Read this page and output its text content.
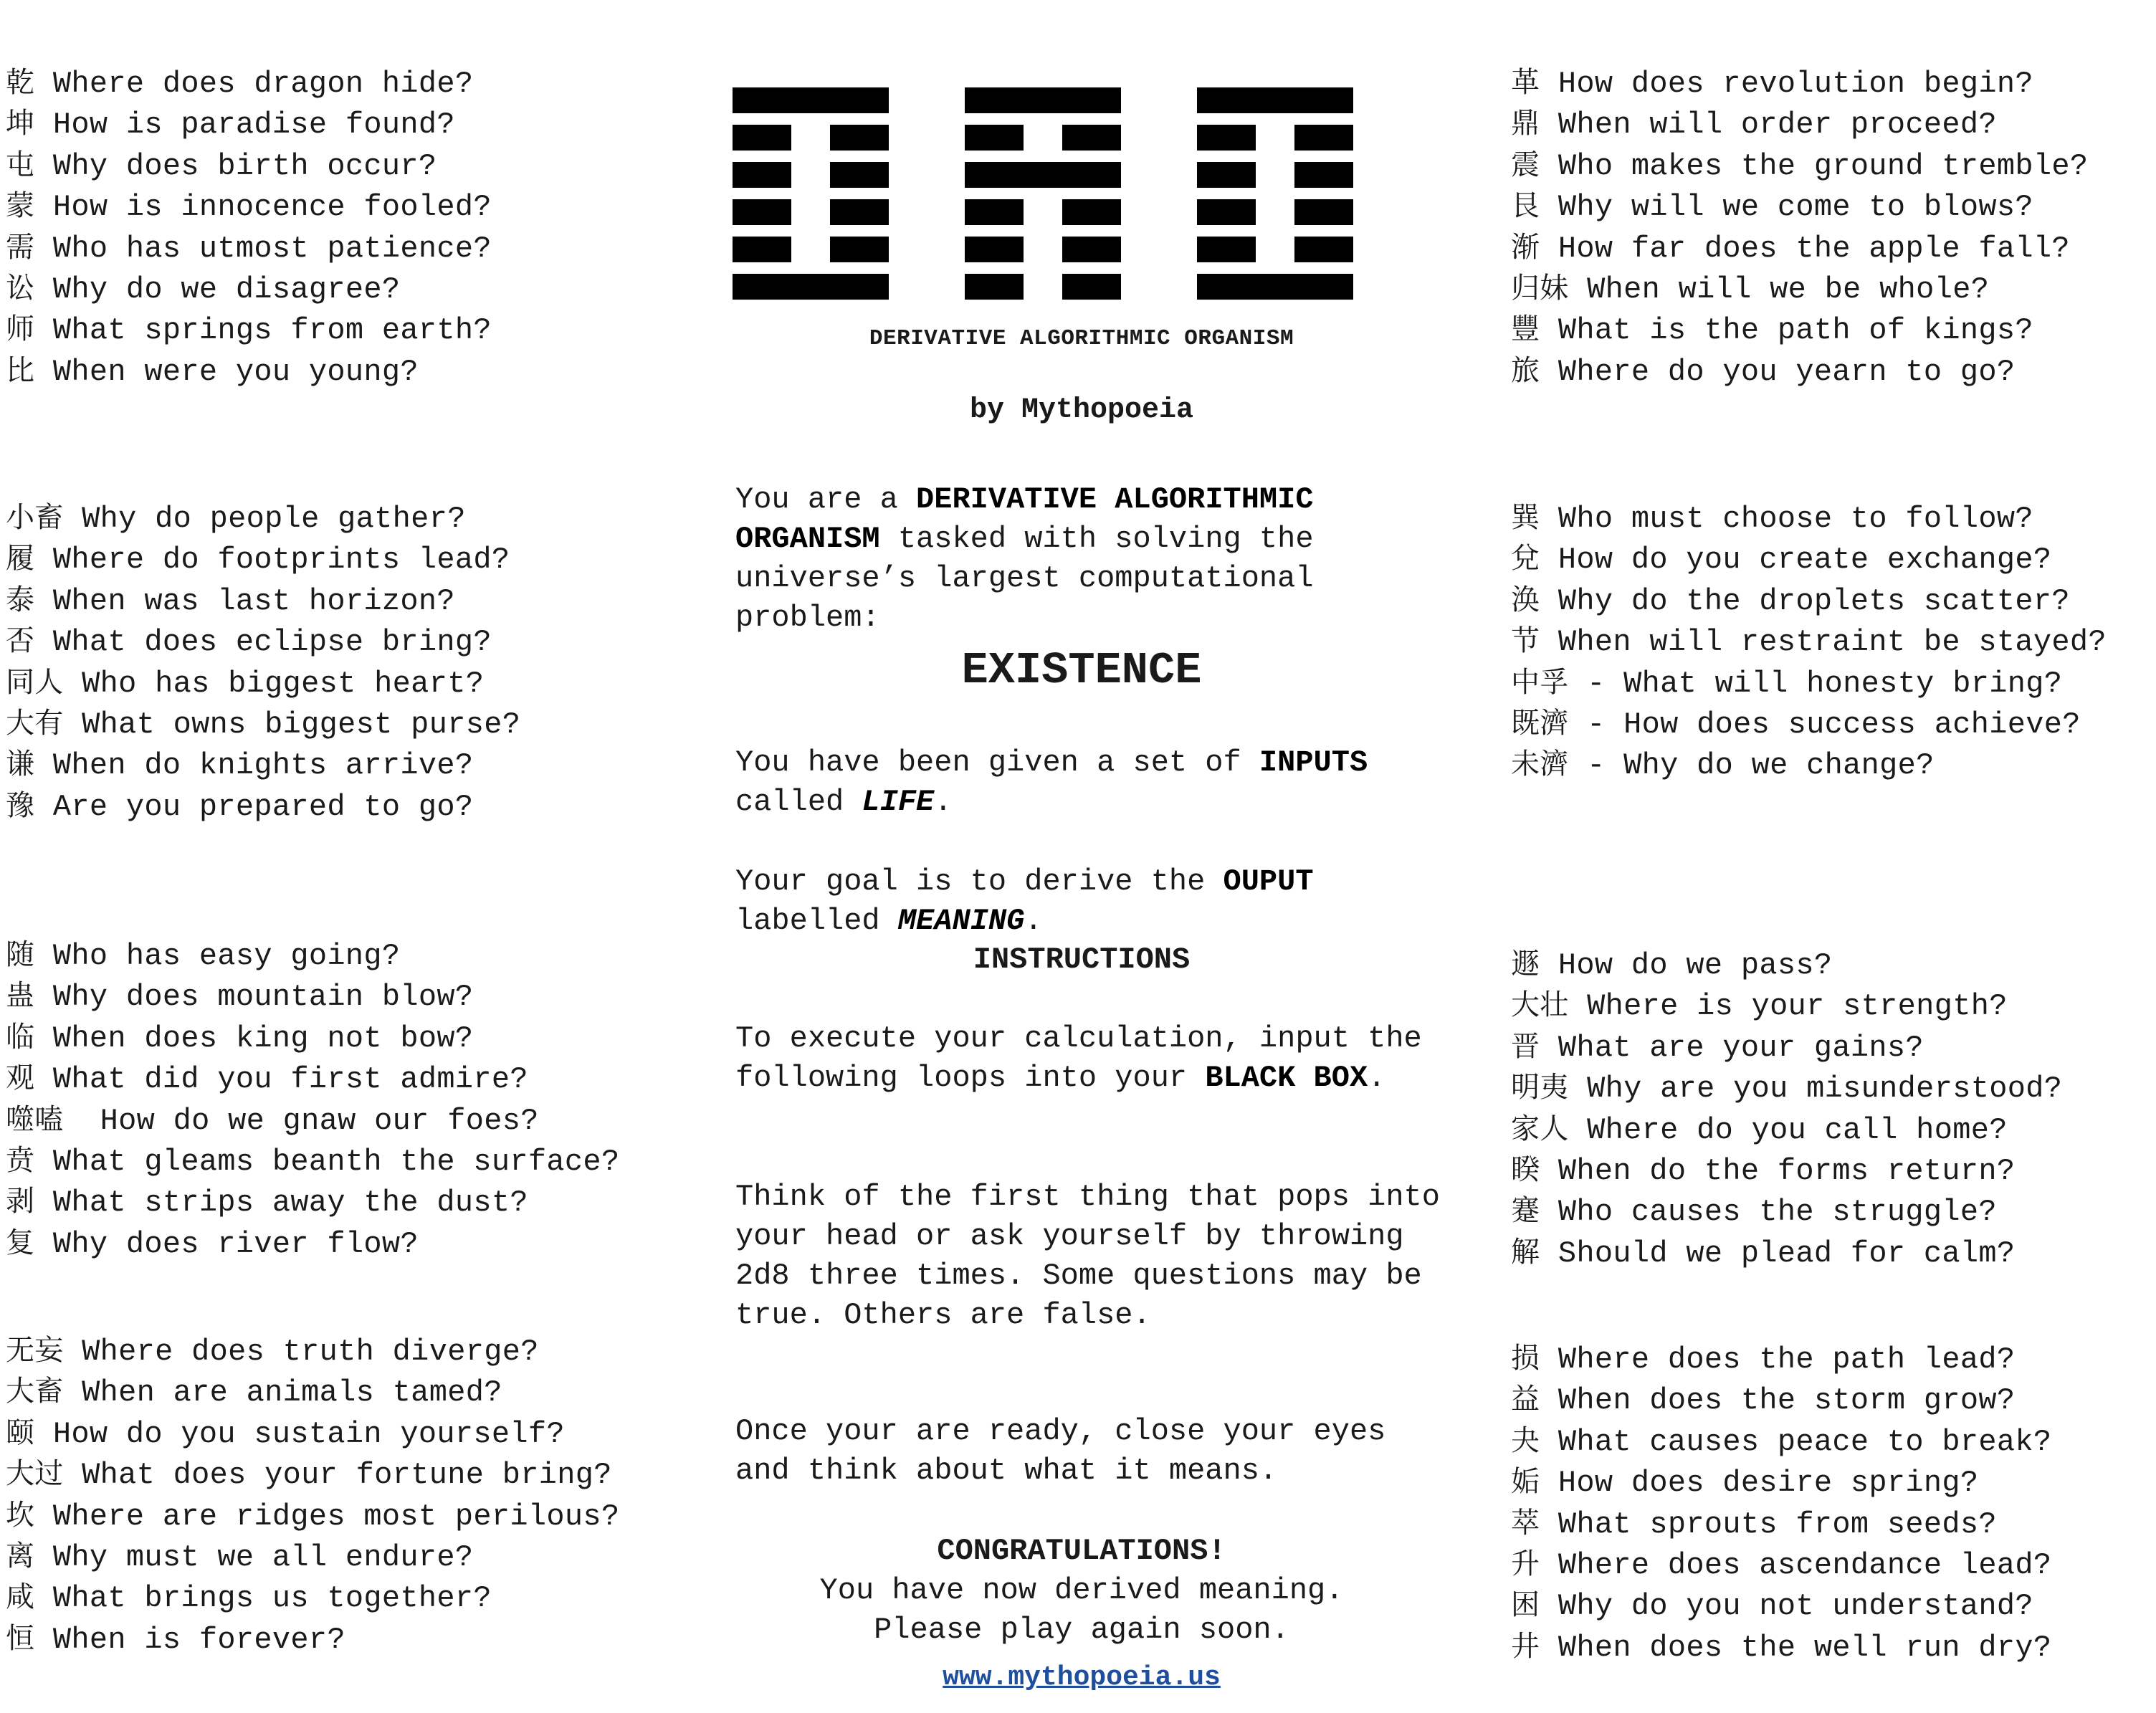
乾 Where does dragon hide?
坤 How is paradise found?
屯 Why does birth occur?
蒙 How is innocence fooled?
需 Who has utmost patience?
讼 Why do we disagree?
师 What springs from earth?
比 When were you young?
小畜 Why do people gather?
履 Where do footprints lead?
泰 When was last horizon?
否 What does eclipse bring?
同人 Who has biggest heart?
大有 What owns biggest purse?
谦 When do knights arrive?
豫 Are you prepared to go?
随 Who has easy going?
蛊 Why does mountain blow?
临 When does king not bow?
观 What did you first admire?
噬嗑  How do we gnaw our foes?
贲 What gleams beanth the surface?
剥 What strips away the dust?
复 Why does river flow?
无妄 Where does truth diverge?
大畜 When are animals tamed?
颐 How do you sustain yourself?
大过 What does your fortune bring?
坎 Where are ridges most perilous?
离 Why must we all endure?
咸 What brings us together?
恒 When is forever?
革 How does revolution begin?
鼎 When will order proceed?
震 Who makes the ground tremble?
艮 Why will we come to blows?
渐 How far does the apple fall?
归妹 When will we be whole?
豐 What is the path of kings?
旅 Where do you yearn to go?
巽 Who must choose to follow?
兌 How do you create exchange?
涣 Why do the droplets scatter?
节 When will restraint be stayed?
中孚 - What will honesty bring?
既濟 - How does success achieve?
未濟 - Why do we change?
遯 How do we pass?
大壮 Where is your strength?
晋 What are your gains?
明夷 Why are you misunderstood?
家人 Where do you call home?
睽 When do the forms return?
蹇 Who causes the struggle?
解 Should we plead for calm?
损 Where does the path lead?
益 When does the storm grow?
夬 What causes peace to break?
姤 How does desire spring?
萃 What sprouts from seeds?
升 Where does ascendance lead?
困 Why do you not understand?
井 When does the well run dry?
DERIVATIVE ALGORITHMIC ORGANISM
by Mythopoeia

You are a DERIVATIVE ALGORITHMIC ORGANISM tasked with solving the universe’s largest computational problem:

EXISTENCE

You have been given a set of INPUTS called LIFE.

Your goal is to derive the OUPUT labelled MEANING.

INSTRUCTIONS

To execute your calculation, input the following loops into your BLACK BOX.

Think of the first thing that pops into your head or ask yourself by throwing 2d8 three times. Some questions may be true. Others are false.

Once your are ready, close your eyes and think about what it means.

CONGRATULATIONS!
You have now derived meaning.
Please play again soon.
www.mythopoeia.us
